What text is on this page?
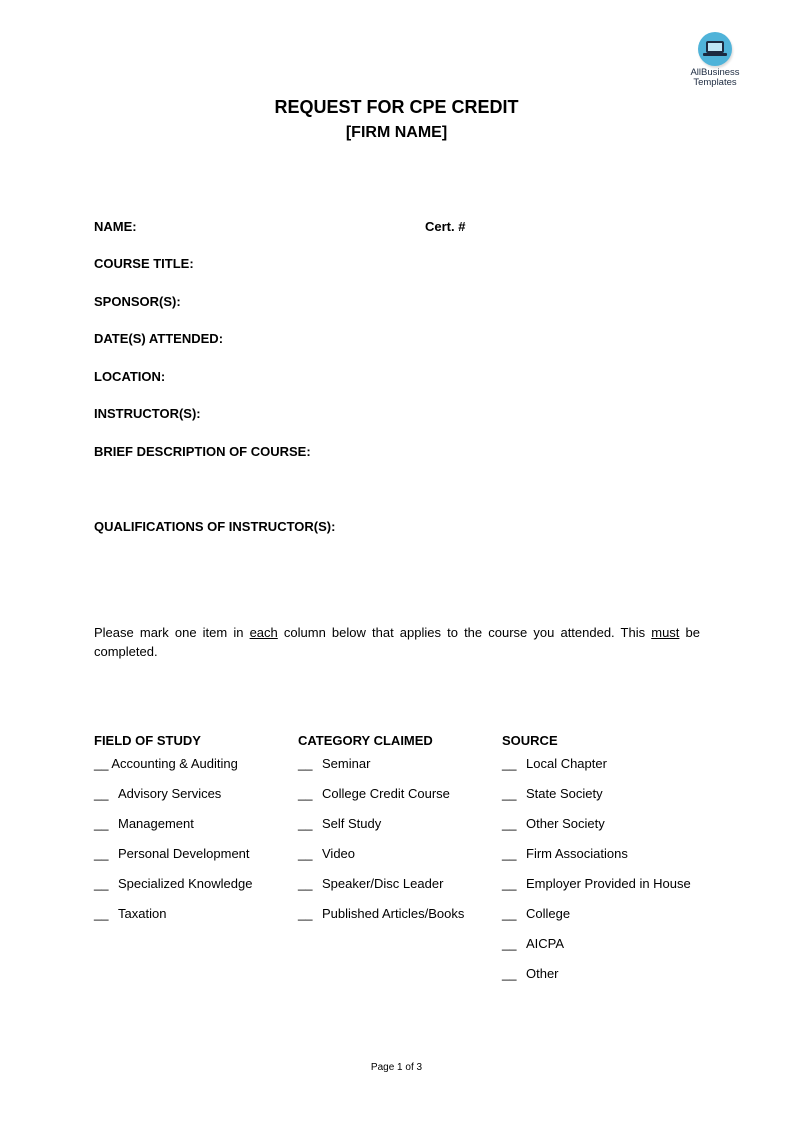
AllBusiness
Templates
REQUEST FOR CPE CREDIT
[FIRM NAME]
NAME:	Cert. #
COURSE TITLE:
SPONSOR(S):
DATE(S) ATTENDED:
LOCATION:
INSTRUCTOR(S):
BRIEF DESCRIPTION OF COURSE:
QUALIFICATIONS OF INSTRUCTOR(S):
Please mark one item in each column below that applies to the course you attended. This must be completed.
FIELD OF STUDY
__ Accounting & Auditing
__ Advisory Services
__ Management
__ Personal Development
__ Specialized Knowledge
__ Taxation
CATEGORY CLAIMED
__ Seminar
__ College Credit Course
__ Self Study
__ Video
__ Speaker/Disc Leader
__ Published Articles/Books
SOURCE
__ Local Chapter
__ State Society
__ Other Society
__ Firm Associations
__ Employer Provided in House
__ College
__ AICPA
__ Other
Page 1 of 3
